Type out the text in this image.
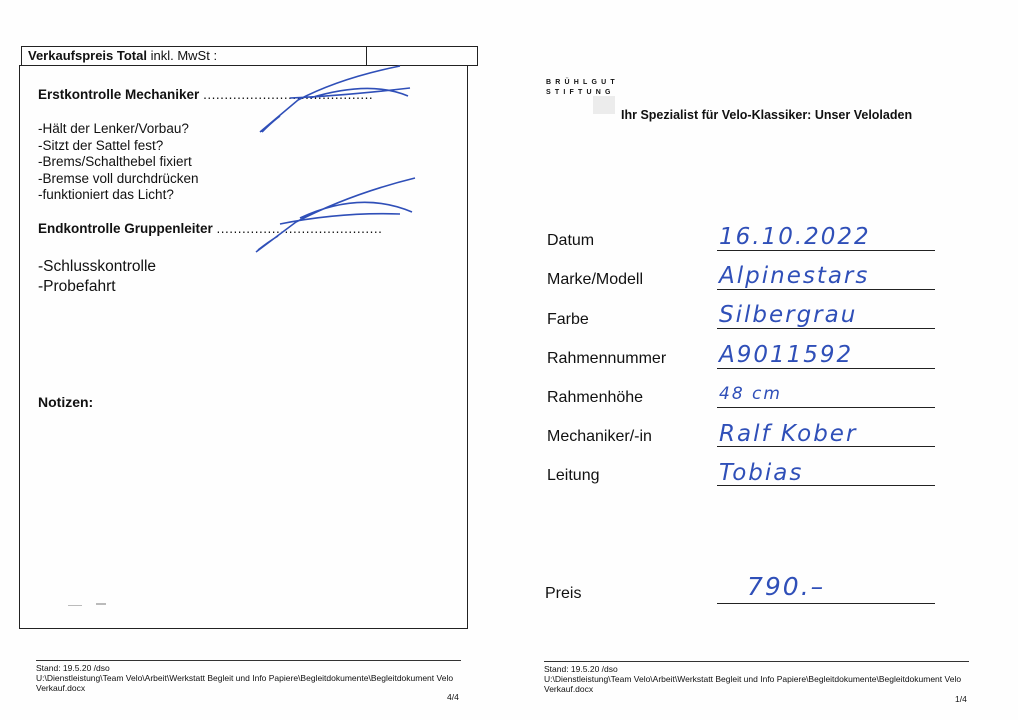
Verkaufspreis Total inkl. MwSt :
Erstkontrolle Mechaniker ........................................
-Hält der Lenker/Vorbau?
-Sitzt der Sattel fest?
-Brems/Schalthebel fixiert
-Bremse voll durchdrücken
-funktioniert das Licht?
Endkontrolle Gruppenleiter .......................................
-Schlusskontrolle
-Probefahrt
Notizen:
Stand: 19.5.20 /dso
U:\Dienstleistung\Team Velo\Arbeit\Werkstatt Begleit und Info Papiere\Begleitdokumente\Begleitdokument Velo
Verkauf.docx
4/4
BRÜHLGUT
STIFTUNG
Ihr Spezialist für Velo-Klassiker: Unser Veloladen
Datum	16.10.2022
Marke/Modell	Alpinestars
Farbe	Silbergrau
Rahmennummer A9011592
Rahmenhöhe	48 cm
Mechaniker/-in	Ralf Kober
Leitung	Tobias
Preis	790.–
Stand: 19.5.20 /dso
U:\Dienstleistung\Team Velo\Arbeit\Werkstatt Begleit und Info Papiere\Begleitdokumente\Begleitdokument Velo
Verkauf.docx
1/4
